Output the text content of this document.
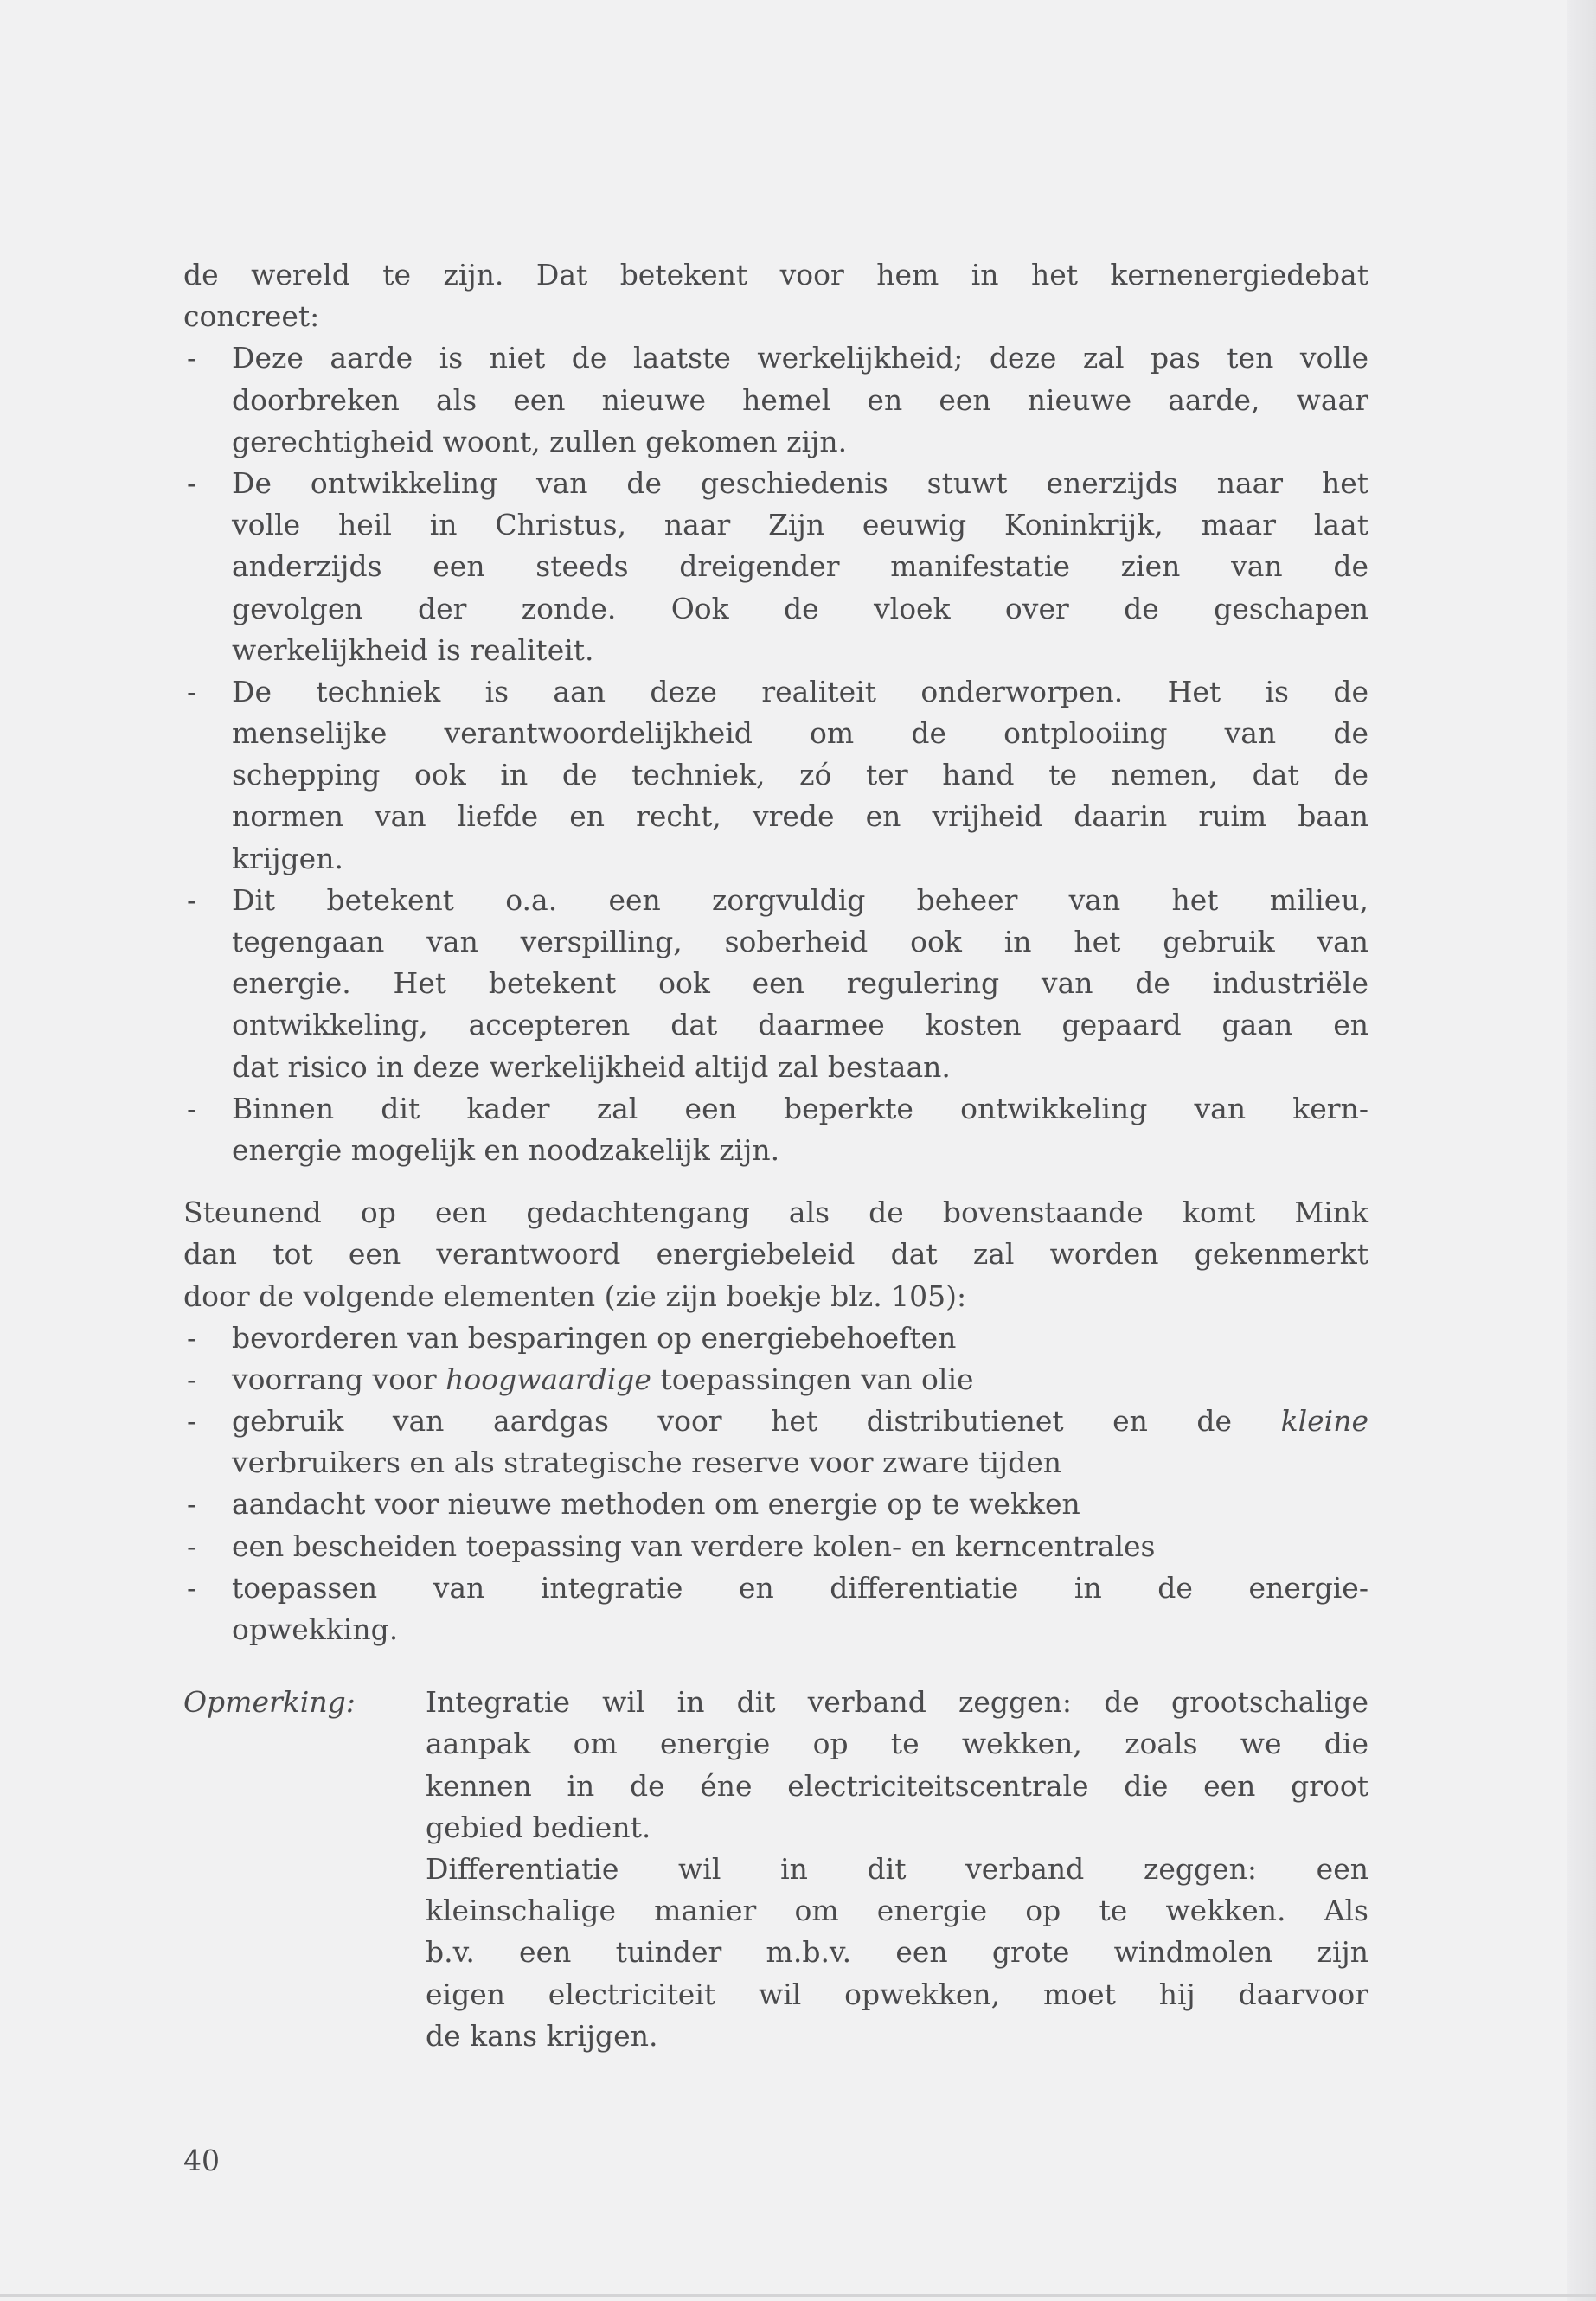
de wereld te zijn. Dat betekent voor hem in het kernenergiedebat
concreet:
- Deze aarde is niet de laatste werkelijkheid; deze zal pas ten volle
doorbreken als een nieuwe hemel en een nieuwe aarde, waar
gerechtigheid woont, zullen gekomen zijn.
- De ontwikkeling van de geschiedenis stuwt enerzijds naar het
volle heil in Christus, naar Zijn eeuwig Koninkrijk, maar laat
anderzijds een steeds dreigender manifestatie zien van de
gevolgen der zonde. Ook de vloek over de geschapen
werkelijkheid is realiteit.
- De techniek is aan deze realiteit onderworpen. Het is de
menselijke verantwoordelijkheid om de ontplooiing van de
schepping ook in de techniek, zó ter hand te nemen, dat de
normen van liefde en recht, vrede en vrijheid daarin ruim baan
krijgen.
- Dit betekent o.a. een zorgvuldig beheer van het milieu,
tegengaan van verspilling, soberheid ook in het gebruik van
energie. Het betekent ook een regulering van de industriële
ontwikkeling, accepteren dat daarmee kosten gepaard gaan en
dat risico in deze werkelijkheid altijd zal bestaan.
- Binnen dit kader zal een beperkte ontwikkeling van kern-
energie mogelijk en noodzakelijk zijn.
Steunend op een gedachtengang als de bovenstaande komt Mink
dan tot een verantwoord energiebeleid dat zal worden gekenmerkt
door de volgende elementen (zie zijn boekje blz. 105):
- bevorderen van besparingen op energiebehoeften
- voorrang voor hoogwaardige toepassingen van olie
- gebruik van aardgas voor het distributienet en de kleine
verbruikers en als strategische reserve voor zware tijden
- aandacht voor nieuwe methoden om energie op te wekken
- een bescheiden toepassing van verdere kolen- en kerncentrales
- toepassen van integratie en differentiatie in de energie-
opwekking.
Opmerking: Integratie wil in dit verband zeggen: de grootschalige
aanpak om energie op te wekken, zoals we die
kennen in de éne electriciteitscentrale die een groot
gebied bedient.
Differentiatie wil in dit verband zeggen: een
kleinschalige manier om energie op te wekken. Als
b.v. een tuinder m.b.v. een grote windmolen zijn
eigen electriciteit wil opwekken, moet hij daarvoor
de kans krijgen.
40
